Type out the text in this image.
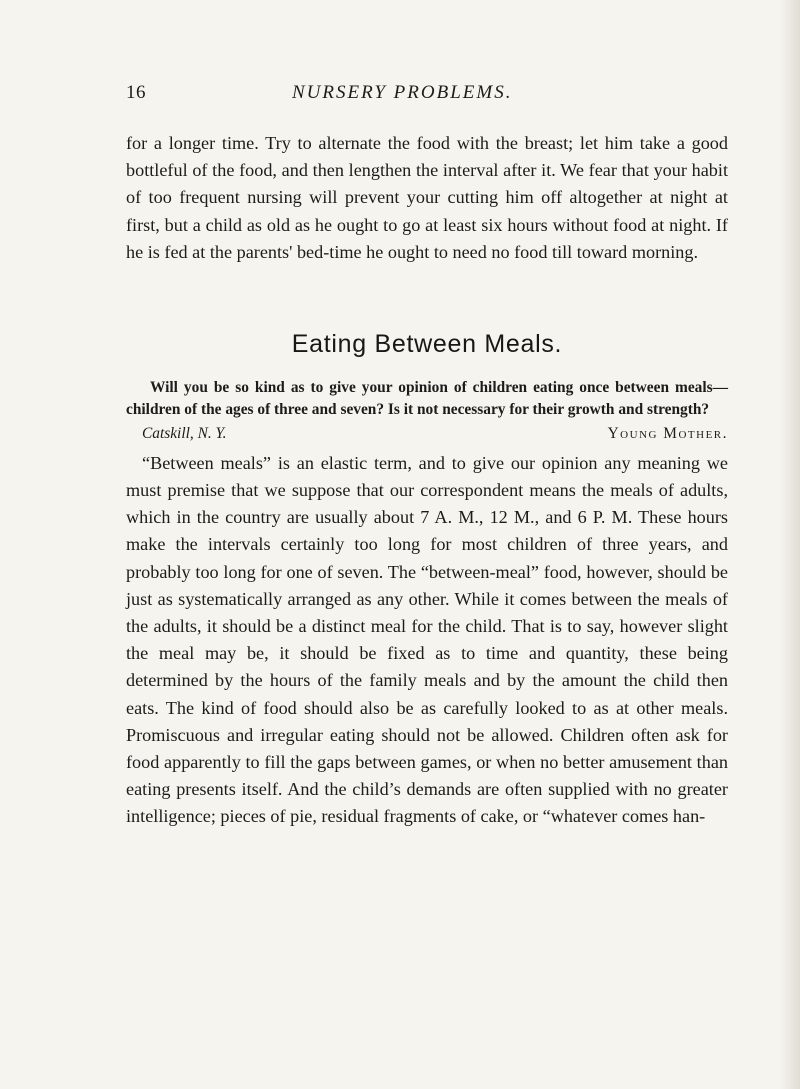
16	NURSERY PROBLEMS.

for a longer time. Try to alternate the food with the breast; let him take a good bottleful of the food, and then lengthen the interval after it. We fear that your habit of too frequent nursing will prevent your cutting him off altogether at night at first, but a child as old as he ought to go at least six hours without food at night. If he is fed at the parents' bed-time he ought to need no food till toward morning.

Eating Between Meals.

Will you be so kind as to give your opinion of children eating once between meals—children of the ages of three and seven? Is it not necessary for their growth and strength?

Catskill, N. Y.	Young Mother.

“Between meals” is an elastic term, and to give our opinion any meaning we must premise that we suppose that our correspondent means the meals of adults, which in the country are usually about 7 A. M., 12 M., and 6 P. M. These hours make the intervals certainly too long for most children of three years, and probably too long for one of seven. The “between-meal” food, however, should be just as systematically arranged as any other. While it comes between the meals of the adults, it should be a distinct meal for the child. That is to say, however slight the meal may be, it should be fixed as to time and quantity, these being determined by the hours of the family meals and by the amount the child then eats. The kind of food should also be as carefully looked to as at other meals. Promiscuous and irregular eating should not be allowed. Children often ask for food apparently to fill the gaps between games, or when no better amusement than eating presents itself. And the child’s demands are often supplied with no greater intelligence; pieces of pie, residual fragments of cake, or “whatever comes han-
